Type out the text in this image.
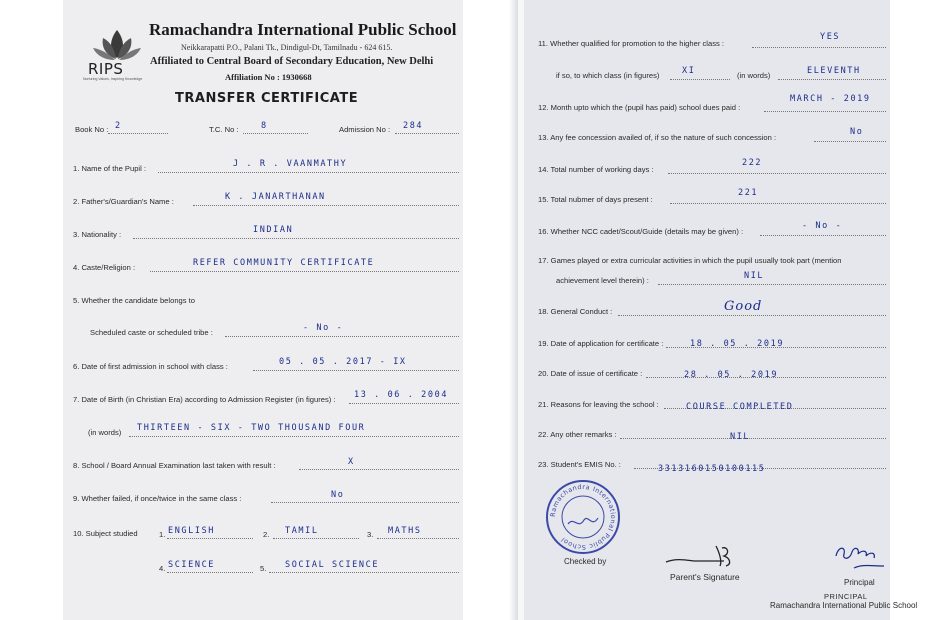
RIPS
Nurturing Values, Inspiring Knowledge
Ramachandra International Public School
Neikkarapatti P.O., Palani Tk., Dindigul-Dt, Tamilnadu - 624 615.
Affiliated to Central Board of Secondary Education, New Delhi
Affiliation No : 1930668
TRANSFER CERTIFICATE
Book No : 2	T.C. No :	8	Admission No : 284
1. Name of the Pupil :	J . R . VAANMATHY
2. Father's/Guardian's Name :	K . JANARTHANAN
3. Nationality :	INDIAN
4. Caste/Religion :	REFER COMMUNITY CERTIFICATE
5. Whether the candidate belongs to
Scheduled caste or scheduled tribe :	- No -
6. Date of first admission in school with class :	05 . 05 . 2017 - IX
7. Date of Birth (in Christian Era) according to Admission Register (in figures) : 13 . 06 . 2004
(in words) THIRTEEN - SIX - TWO THOUSAND FOUR
8. School / Board Annual Examination last taken with result :	X
9. Whether failed, if once/twice in the same class :	No
10. Subject studied	1. ENGLISH	2. TAMIL	3. MATHS
4. SCIENCE	5. SOCIAL SCIENCE
11. Whether qualified for promotion to the higher class :
YES
if so, to which class (in figures)	XI	(in words)	ELEVENTH
12. Month upto which the (pupil has paid) school dues paid :
MARCH - 2019
13. Any fee concession availed of, if so the nature of such concession :
No
14. Total number of working days :
222
15. Total nubmer of days present :
221
16. Whether NCC cadet/Scout/Guide (details may be given) :
- No -
17. Games played or extra curricular activities in which the pupil usually took part (mention
achievement level therein) :	NIL
18. General Conduct :	Good
19. Date of application for certificate :	18 . 05 . 2019
20. Date of issue of certificate :	28 . 05 . 2019
21. Reasons for leaving the school :	COURSE COMPLETED
22. Any other remarks :	NIL
23. Student's EMIS No. :	3313160150100115
Ramachandra International Public School
Checked by
Parent's Signature
Principal
PRINCIPAL
Ramachandra International Public School
